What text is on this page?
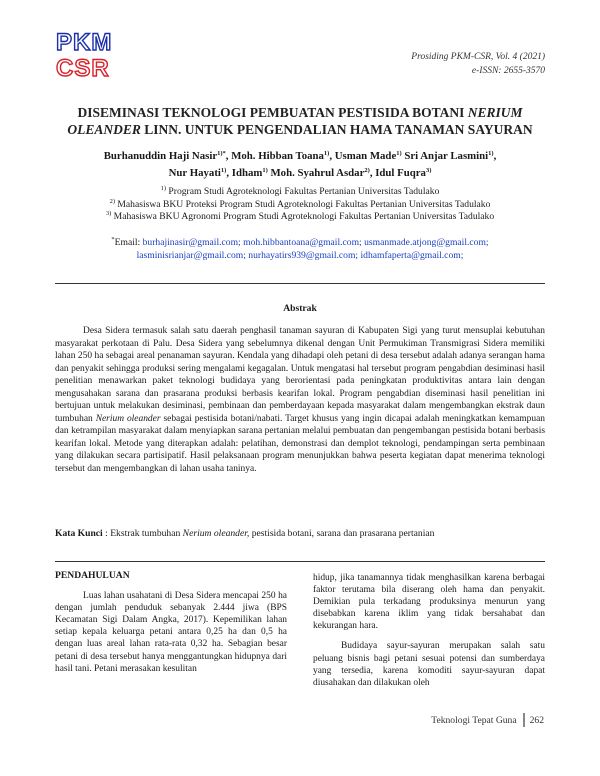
PKM
CSR	Prosiding PKM-CSR, Vol. 4 (2021)
e-ISSN: 2655-3570
DISEMINASI TEKNOLOGI PEMBUATAN PESTISIDA BOTANI NERIUM OLEANDER LINN. UNTUK PENGENDALIAN HAMA TANAMAN SAYURAN
Burhanuddin Haji Nasir$^{1)*}$, Moh. Hibban Toana$^{1)}$, Usman Made$^{1)}$ Sri Anjar Lasmini$^{1)}$,
Nur Hayati$^{1)}$, Idham$^{1)}$ Moh. Syahrul Asdar$^{2)}$, Idul Fuqra$^{3)}$
$^{1)}$ Program Studi Agroteknologi Fakultas Pertanian Universitas Tadulako
$^{2)}$ Mahasiswa BKU Proteksi Program Studi Agroteknologi Fakultas Pertanian Universitas Tadulako
$^{3)}$ Mahasiswa BKU Agronomi Program Studi Agroteknologi Fakultas Pertanian Universitas Tadulako
*Email: burhajinasir@gmail.com; moh.hibbantoana@gmail.com; usmanmade.atjong@gmail.com;
lasminisrianjar@gmail.com; nurhayatirs939@gmail.com; idhamfaperta@gmail.com;
Abstrak

Desa Sidera termasuk salah satu daerah penghasil tanaman sayuran di Kabupaten Sigi yang turut mensuplai kebutuhan masyarakat perkotaan di Palu. Desa Sidera yang sebelumnya dikenal dengan Unit Permukiman Transmigrasi Sidera memiliki lahan 250 ha sebagai areal penanaman sayuran. Kendala yang dihadapi oleh petani di desa tersebut adalah adanya serangan hama dan penyakit sehingga produksi sering mengalami kegagalan. Untuk mengatasi hal tersebut program pengabdian desiminasi hasil penelitian menawarkan paket teknologi budidaya yang berorientasi pada peningkatan produktivitas antara lain dengan mengusahakan sarana dan prasarana produksi berbasis kearifan lokal. Program pengabdian diseminasi hasil penelitian ini bertujuan untuk melakukan desiminasi, pembinaan dan pemberdayaan kepada masyarakat dalam mengembangkan ekstrak daun tumbuhan Nerium oleander sebagai pestisida botani/nabati. Target khusus yang ingin dicapai adalah meningkatkan kemampuan dan ketrampilan masyarakat dalam menyiapkan sarana pertanian melalui pembuatan dan pengembangan pestisida botani berbasis kearifan lokal. Metode yang diterapkan adalah: pelatihan, demonstrasi dan demplot teknologi, pendampingan serta pembinaan yang dilakukan secara partisipatif. Hasil pelaksanaan program menunjukkan bahwa peserta kegiatan dapat menerima teknologi tersebut dan mengembangkan di lahan usaha taninya.

Kata Kunci : Ekstrak tumbuhan Nerium oleander, pestisida botani, sarana dan prasarana pertanian
PENDAHULUAN

Luas lahan usahatani di Desa Sidera mencapai 250 ha dengan jumlah penduduk sebanyak 2.444 jiwa (BPS Kecamatan Sigi Dalam Angka, 2017). Kepemilikan lahan setiap kepala keluarga petani antara 0,25 ha dan 0,5 ha dengan luas areal lahan rata-rata 0,32 ha. Sebagian besar petani di desa tersebut hanya menggantungkan hidupnya dari hasil tani. Petani merasakan kesulitan

hidup, jika tanamannya tidak menghasilkan karena berbagai faktor terutama bila diserang oleh hama dan penyakit. Demikian pula terkadang produksinya menurun yang disebabkan karena iklim yang tidak bersahabat dan kekurangan hara.

Budidaya sayur-sayuran merupakan salah satu peluang bisnis bagi petani sesuai potensi dan sumberdaya yang tersedia, karena komoditi sayur-sayuran dapat diusahakan dan dilakukan oleh

Teknologi Tepat Guna 262
